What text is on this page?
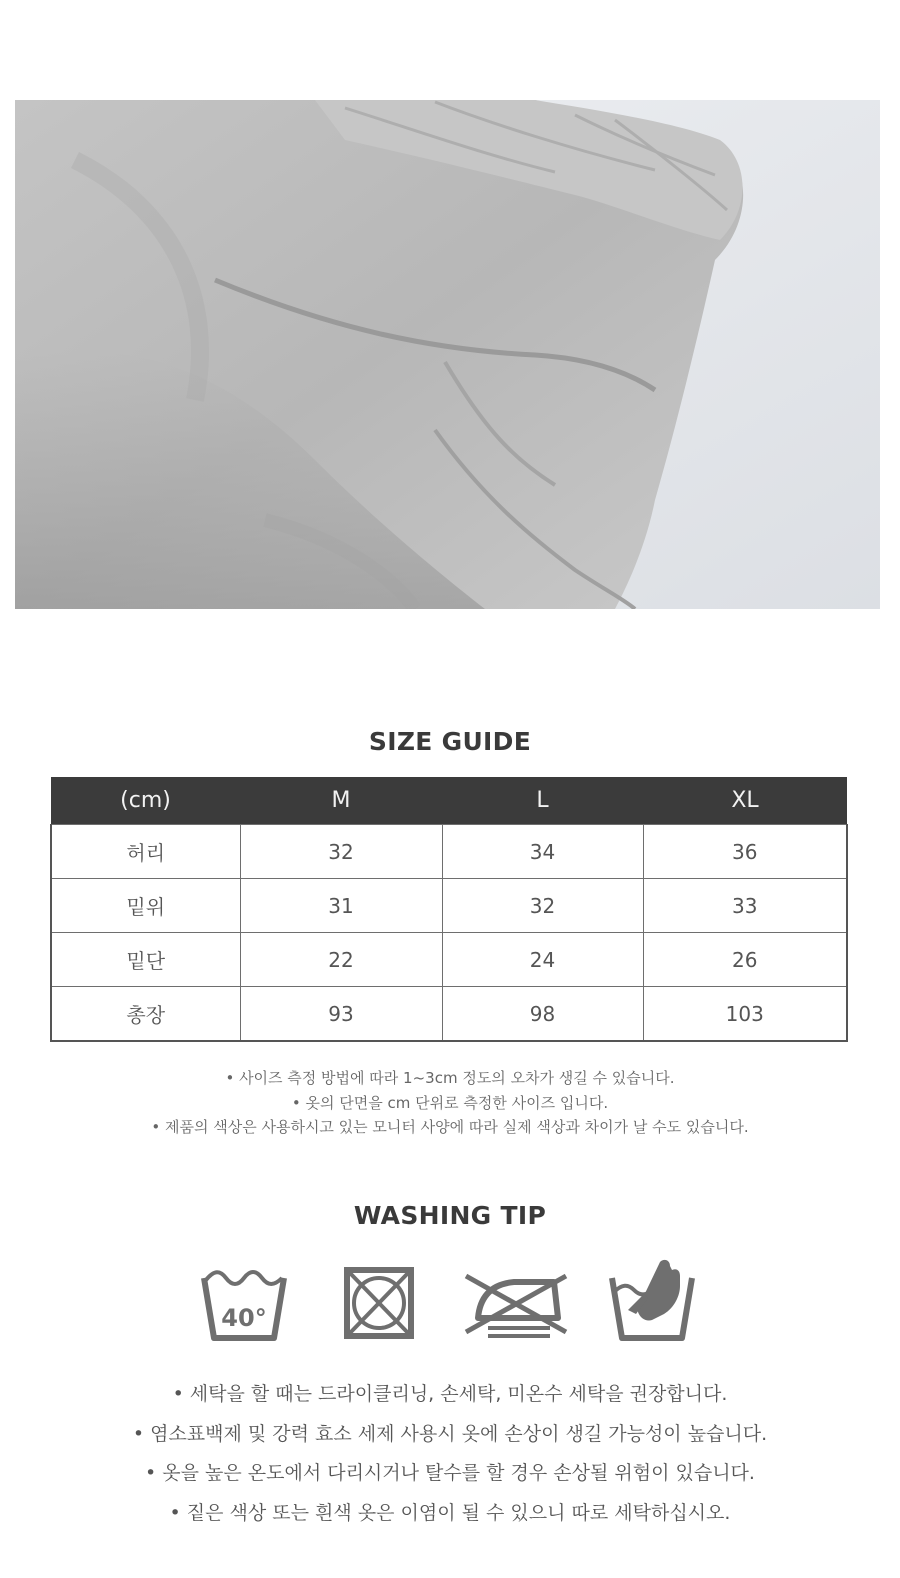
SIZE GUIDE
(cm)	M	L	XL
허리	32	34	36
밑위	31	32	33
밑단	22	24	26
총장	93	98	103
• 사이즈 측정 방법에 따라 1~3cm 정도의 오차가 생길 수 있습니다.
• 옷의 단면을 cm 단위로 측정한 사이즈 입니다.
• 제품의 색상은 사용하시고 있는 모니터 사양에 따라 실제 색상과 차이가 날 수도 있습니다.
WASHING TIP
40°
• 세탁을 할 때는 드라이클리닝, 손세탁, 미온수 세탁을 권장합니다.
• 염소표백제 및 강력 효소 세제 사용시 옷에 손상이 생길 가능성이 높습니다.
• 옷을 높은 온도에서 다리시거나 탈수를 할 경우 손상될 위험이 있습니다.
• 짙은 색상 또는 흰색 옷은 이염이 될 수 있으니 따로 세탁하십시오.
